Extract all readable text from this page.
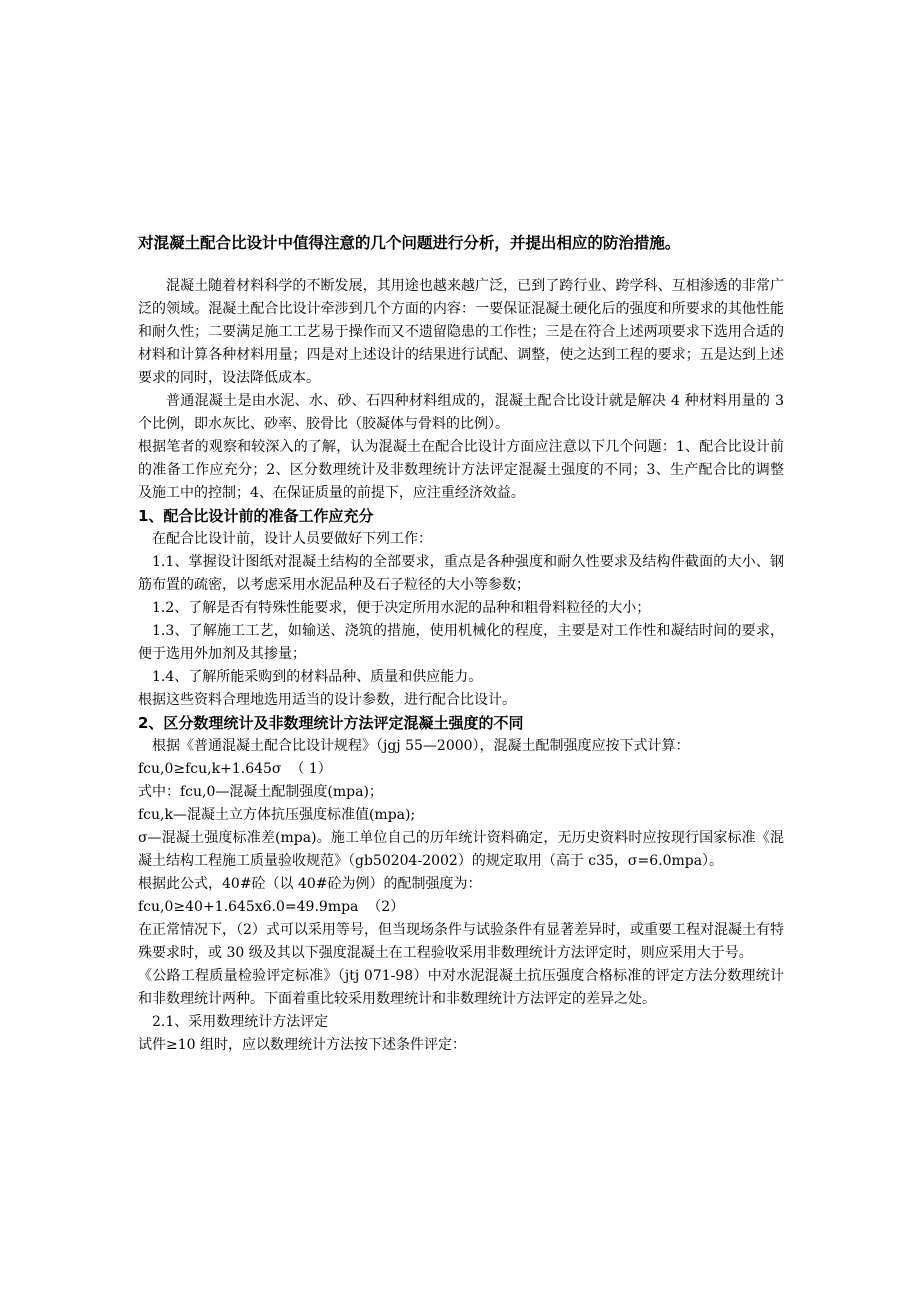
对混凝土配合比设计中值得注意的几个问题进行分析，并提出相应的防治措施。

混凝土随着材料科学的不断发展，其用途也越来越广泛，已到了跨行业、跨学科、互相渗透的非常广泛的领域。混凝土配合比设计牵涉到几个方面的内容：一要保证混凝土硬化后的强度和所要求的其他性能和耐久性；二要满足施工工艺易于操作而又不遗留隐患的工作性；三是在符合上述两项要求下选用合适的材料和计算各种材料用量；四是对上述设计的结果进行试配、调整，使之达到工程的要求；五是达到上述要求的同时，设法降低成本。

普通混凝土是由水泥、水、砂、石四种材料组成的，混凝土配合比设计就是解决 4 种材料用量的 3 个比例，即水灰比、砂率、胶骨比（胶凝体与骨料的比例）。

根据笔者的观察和较深入的了解，认为混凝土在配合比设计方面应注意以下几个问题：1、配合比设计前的准备工作应充分；2、区分数理统计及非数理统计方法评定混凝土强度的不同；3、生产配合比的调整及施工中的控制；4、在保证质量的前提下，应注重经济效益。

1、配合比设计前的准备工作应充分

在配合比设计前，设计人员要做好下列工作：

1.1、掌握设计图纸对混凝土结构的全部要求，重点是各种强度和耐久性要求及结构件截面的大小、钢筋布置的疏密，以考虑采用水泥品种及石子粒径的大小等参数；

1.2、了解是否有特殊性能要求，便于决定所用水泥的品种和粗骨料粒径的大小；

1.3、了解施工工艺，如输送、浇筑的措施，使用机械化的程度，主要是对工作性和凝结时间的要求，便于选用外加剂及其掺量；

1.4、了解所能采购到的材料品种、质量和供应能力。

根据这些资料合理地选用适当的设计参数，进行配合比设计。

2、区分数理统计及非数理统计方法评定混凝土强度的不同

根据《普通混凝土配合比设计规程》（jgj 55—2000），混凝土配制强度应按下式计算：

fcu,0≥fcu,k+1.645σ  （ 1）

式中：fcu,0—混凝土配制强度(mpa)；

fcu,k—混凝土立方体抗压强度标准值(mpa);

σ—混凝土强度标准差(mpa)。施工单位自己的历年统计资料确定，无历史资料时应按现行国家标准《混凝土结构工程施工质量验收规范》（gb50204-2002）的规定取用（高于 c35，σ=6.0mpa）。

根据此公式，40#砼（以 40#砼为例）的配制强度为：

fcu,0≥40+1.645x6.0=49.9mpa  （2）

在正常情况下，（2）式可以采用等号，但当现场条件与试验条件有显著差异时，或重要工程对混凝土有特殊要求时，或 30 级及其以下强度混凝土在工程验收采用非数理统计方法评定时，则应采用大于号。

《公路工程质量检验评定标准》（jtj 071-98）中对水泥混凝土抗压强度合格标准的评定方法分数理统计和非数理统计两种。下面着重比较采用数理统计和非数理统计方法评定的差异之处。

2.1、采用数理统计方法评定

试件≥10 组时，应以数理统计方法按下述条件评定：
